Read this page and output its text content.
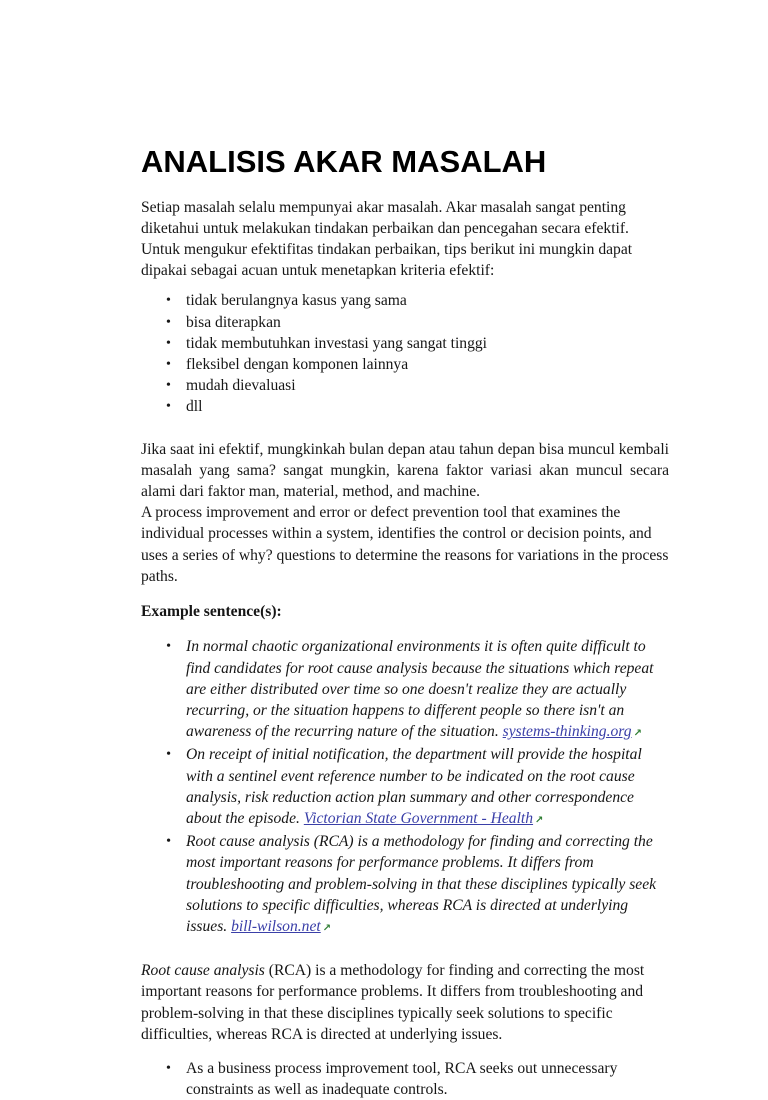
ANALISIS AKAR MASALAH

Setiap masalah selalu mempunyai akar masalah. Akar masalah sangat penting diketahui untuk melakukan tindakan perbaikan dan pencegahan secara efektif. Untuk mengukur efektifitas tindakan perbaikan, tips berikut ini mungkin dapat dipakai sebagai acuan untuk menetapkan kriteria efektif:

• tidak berulangnya kasus yang sama
• bisa diterapkan
• tidak membutuhkan investasi yang sangat tinggi
• fleksibel dengan komponen lainnya
• mudah dievaluasi
• dll

Jika saat ini efektif, mungkinkah bulan depan atau tahun depan bisa muncul kembali masalah yang sama? sangat mungkin, karena faktor variasi akan muncul secara alami dari faktor man, material, method, and machine.

A process improvement and error or defect prevention tool that examines the individual processes within a system, identifies the control or decision points, and uses a series of why? questions to determine the reasons for variations in the process paths.

Example sentence(s):

• In normal chaotic organizational environments it is often quite difficult to find candidates for root cause analysis because the situations which repeat are either distributed over time so one doesn't realize they are actually recurring, or the situation happens to different people so there isn't an awareness of the recurring nature of the situation. systems-thinking.org ↗
• On receipt of initial notification, the department will provide the hospital with a sentinel event reference number to be indicated on the root cause analysis, risk reduction action plan summary and other correspondence about the episode. Victorian State Government - Health ↗
• Root cause analysis (RCA) is a methodology for finding and correcting the most important reasons for performance problems. It differs from troubleshooting and problem-solving in that these disciplines typically seek solutions to specific difficulties, whereas RCA is directed at underlying issues. bill-wilson.net ↗

Root cause analysis (RCA) is a methodology for finding and correcting the most important reasons for performance problems. It differs from troubleshooting and problem-solving in that these disciplines typically seek solutions to specific difficulties, whereas RCA is directed at underlying issues.

• As a business process improvement tool, RCA seeks out unnecessary constraints as well as inadequate controls.
